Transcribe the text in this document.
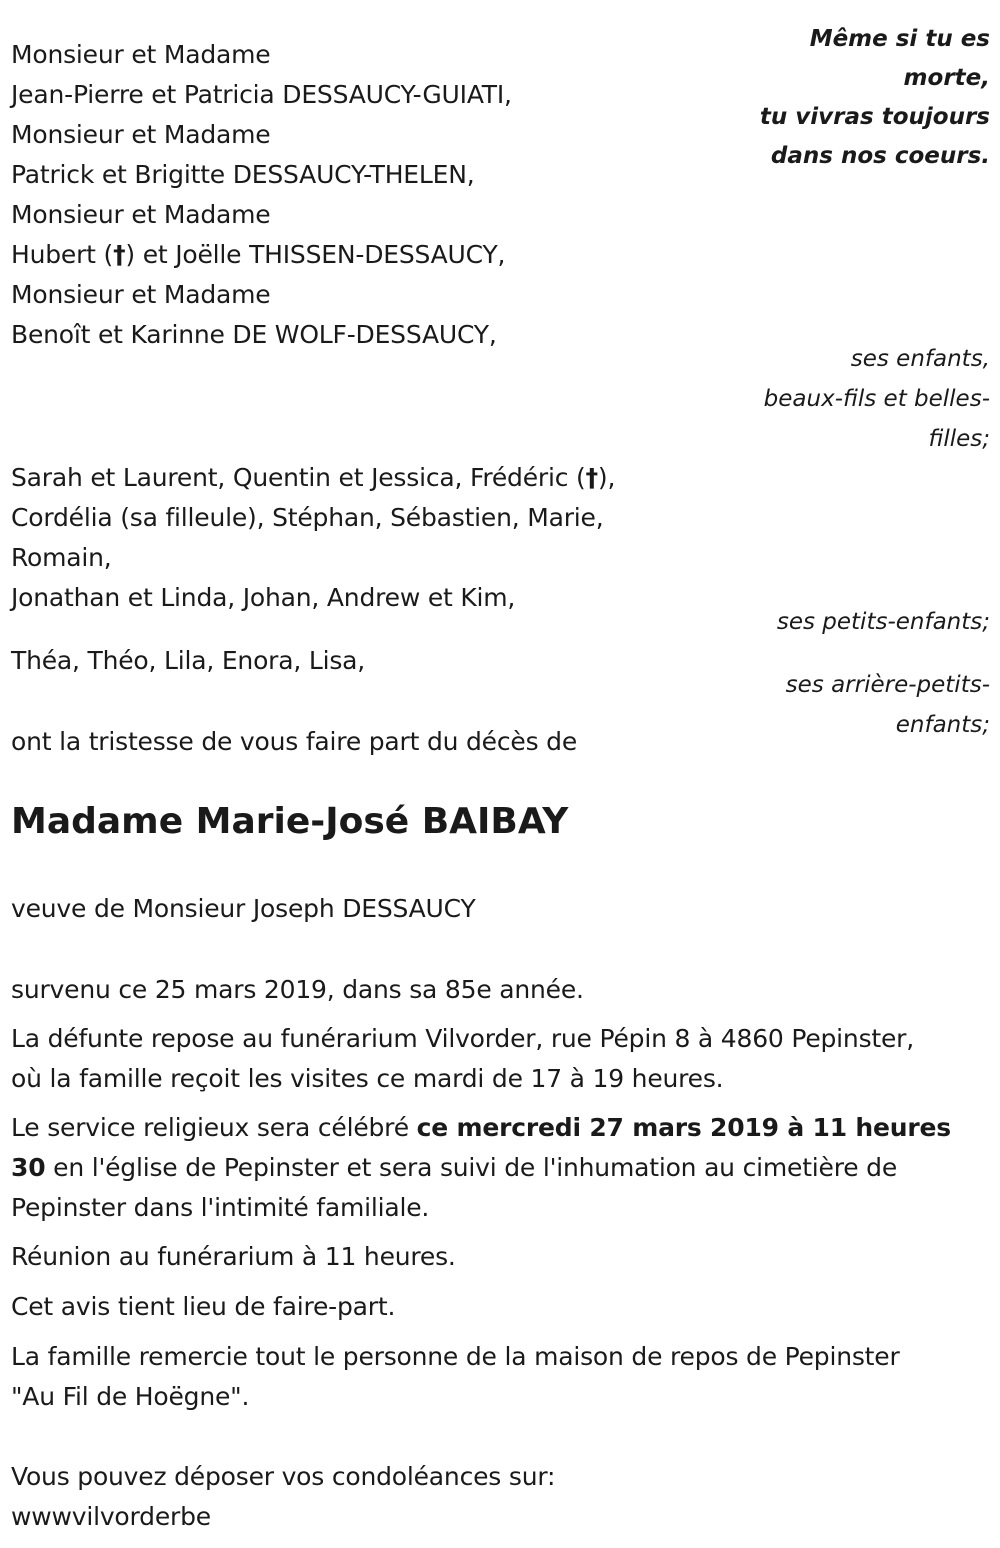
Même si tu es
morte,
tu vivras toujours
dans nos coeurs.
Monsieur et Madame
Jean-Pierre et Patricia DESSAUCY-GUIATI,
Monsieur et Madame
Patrick et Brigitte DESSAUCY-THELEN,
Monsieur et Madame
Hubert (†) et Joëlle THISSEN-DESSAUCY,
Monsieur et Madame
Benoît et Karinne DE WOLF-DESSAUCY,
ses enfants,
beaux-fils et belles-
filles;
Sarah et Laurent, Quentin et Jessica, Frédéric (†),
Cordélia (sa filleule), Stéphan, Sébastien, Marie,
Romain,
Jonathan et Linda, Johan, Andrew et Kim,
ses petits-enfants;
Théa, Théo, Lila, Enora, Lisa,
ses arrière-petits-
enfants;
ont la tristesse de vous faire part du décès de
Madame Marie-José BAIBAY
veuve de Monsieur Joseph DESSAUCY
survenu ce 25 mars 2019, dans sa 85e année.
La défunte repose au funérarium Vilvorder, rue Pépin 8 à 4860 Pepinster,
où la famille reçoit les visites ce mardi de 17 à 19 heures.
Le service religieux sera célébré ce mercredi 27 mars 2019 à 11 heures
30 en l'église de Pepinster et sera suivi de l'inhumation au cimetière de
Pepinster dans l'intimité familiale.
Réunion au funérarium à 11 heures.
Cet avis tient lieu de faire-part.
La famille remercie tout le personne de la maison de repos de Pepinster
"Au Fil de Hoëgne".
Vous pouvez déposer vos condoléances sur:
wwwvilvorderbe
